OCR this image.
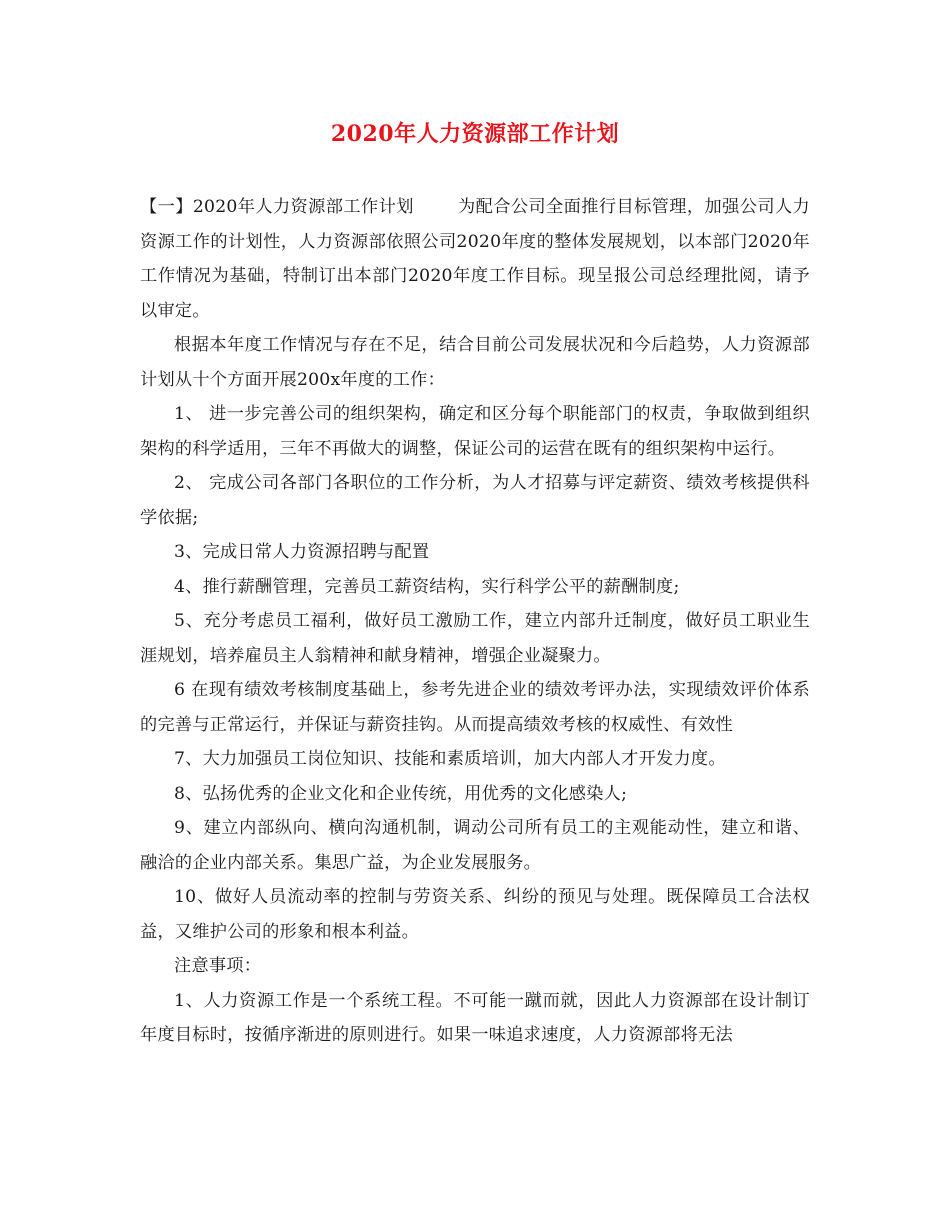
2020年人力资源部工作计划

【一】2020年人力资源部工作计划	为配合公司全面推行目标管理，加强公司人力资源工作的计划性，人力资源部依照公司2020年度的整体发展规划，以本部门2020年工作情况为基础，特制订出本部门2020年度工作目标。现呈报公司总经理批阅，请予以审定。

根据本年度工作情况与存在不足，结合目前公司发展状况和今后趋势，人力资源部计划从十个方面开展200x年度的工作：

1、 进一步完善公司的组织架构，确定和区分每个职能部门的权责，争取做到组织架构的科学适用，三年不再做大的调整，保证公司的运营在既有的组织架构中运行。

2、 完成公司各部门各职位的工作分析，为人才招募与评定薪资、绩效考核提供科学依据;

3、完成日常人力资源招聘与配置

4、推行薪酬管理，完善员工薪资结构，实行科学公平的薪酬制度;

5、充分考虑员工福利，做好员工激励工作，建立内部升迁制度，做好员工职业生涯规划，培养雇员主人翁精神和献身精神，增强企业凝聚力。

6 在现有绩效考核制度基础上，参考先进企业的绩效考评办法，实现绩效评价体系的完善与正常运行，并保证与薪资挂钩。从而提高绩效考核的权威性、有效性

7、大力加强员工岗位知识、技能和素质培训，加大内部人才开发力度。

8、弘扬优秀的企业文化和企业传统，用优秀的文化感染人;

9、建立内部纵向、横向沟通机制，调动公司所有员工的主观能动性，建立和谐、融洽的企业内部关系。集思广益，为企业发展服务。

10、做好人员流动率的控制与劳资关系、纠纷的预见与处理。既保障员工合法权益，又维护公司的形象和根本利益。

注意事项：

1、人力资源工作是一个系统工程。不可能一蹴而就，因此人力资源部在设计制订年度目标时，按循序渐进的原则进行。如果一味追求速度，人力资源部将无法
